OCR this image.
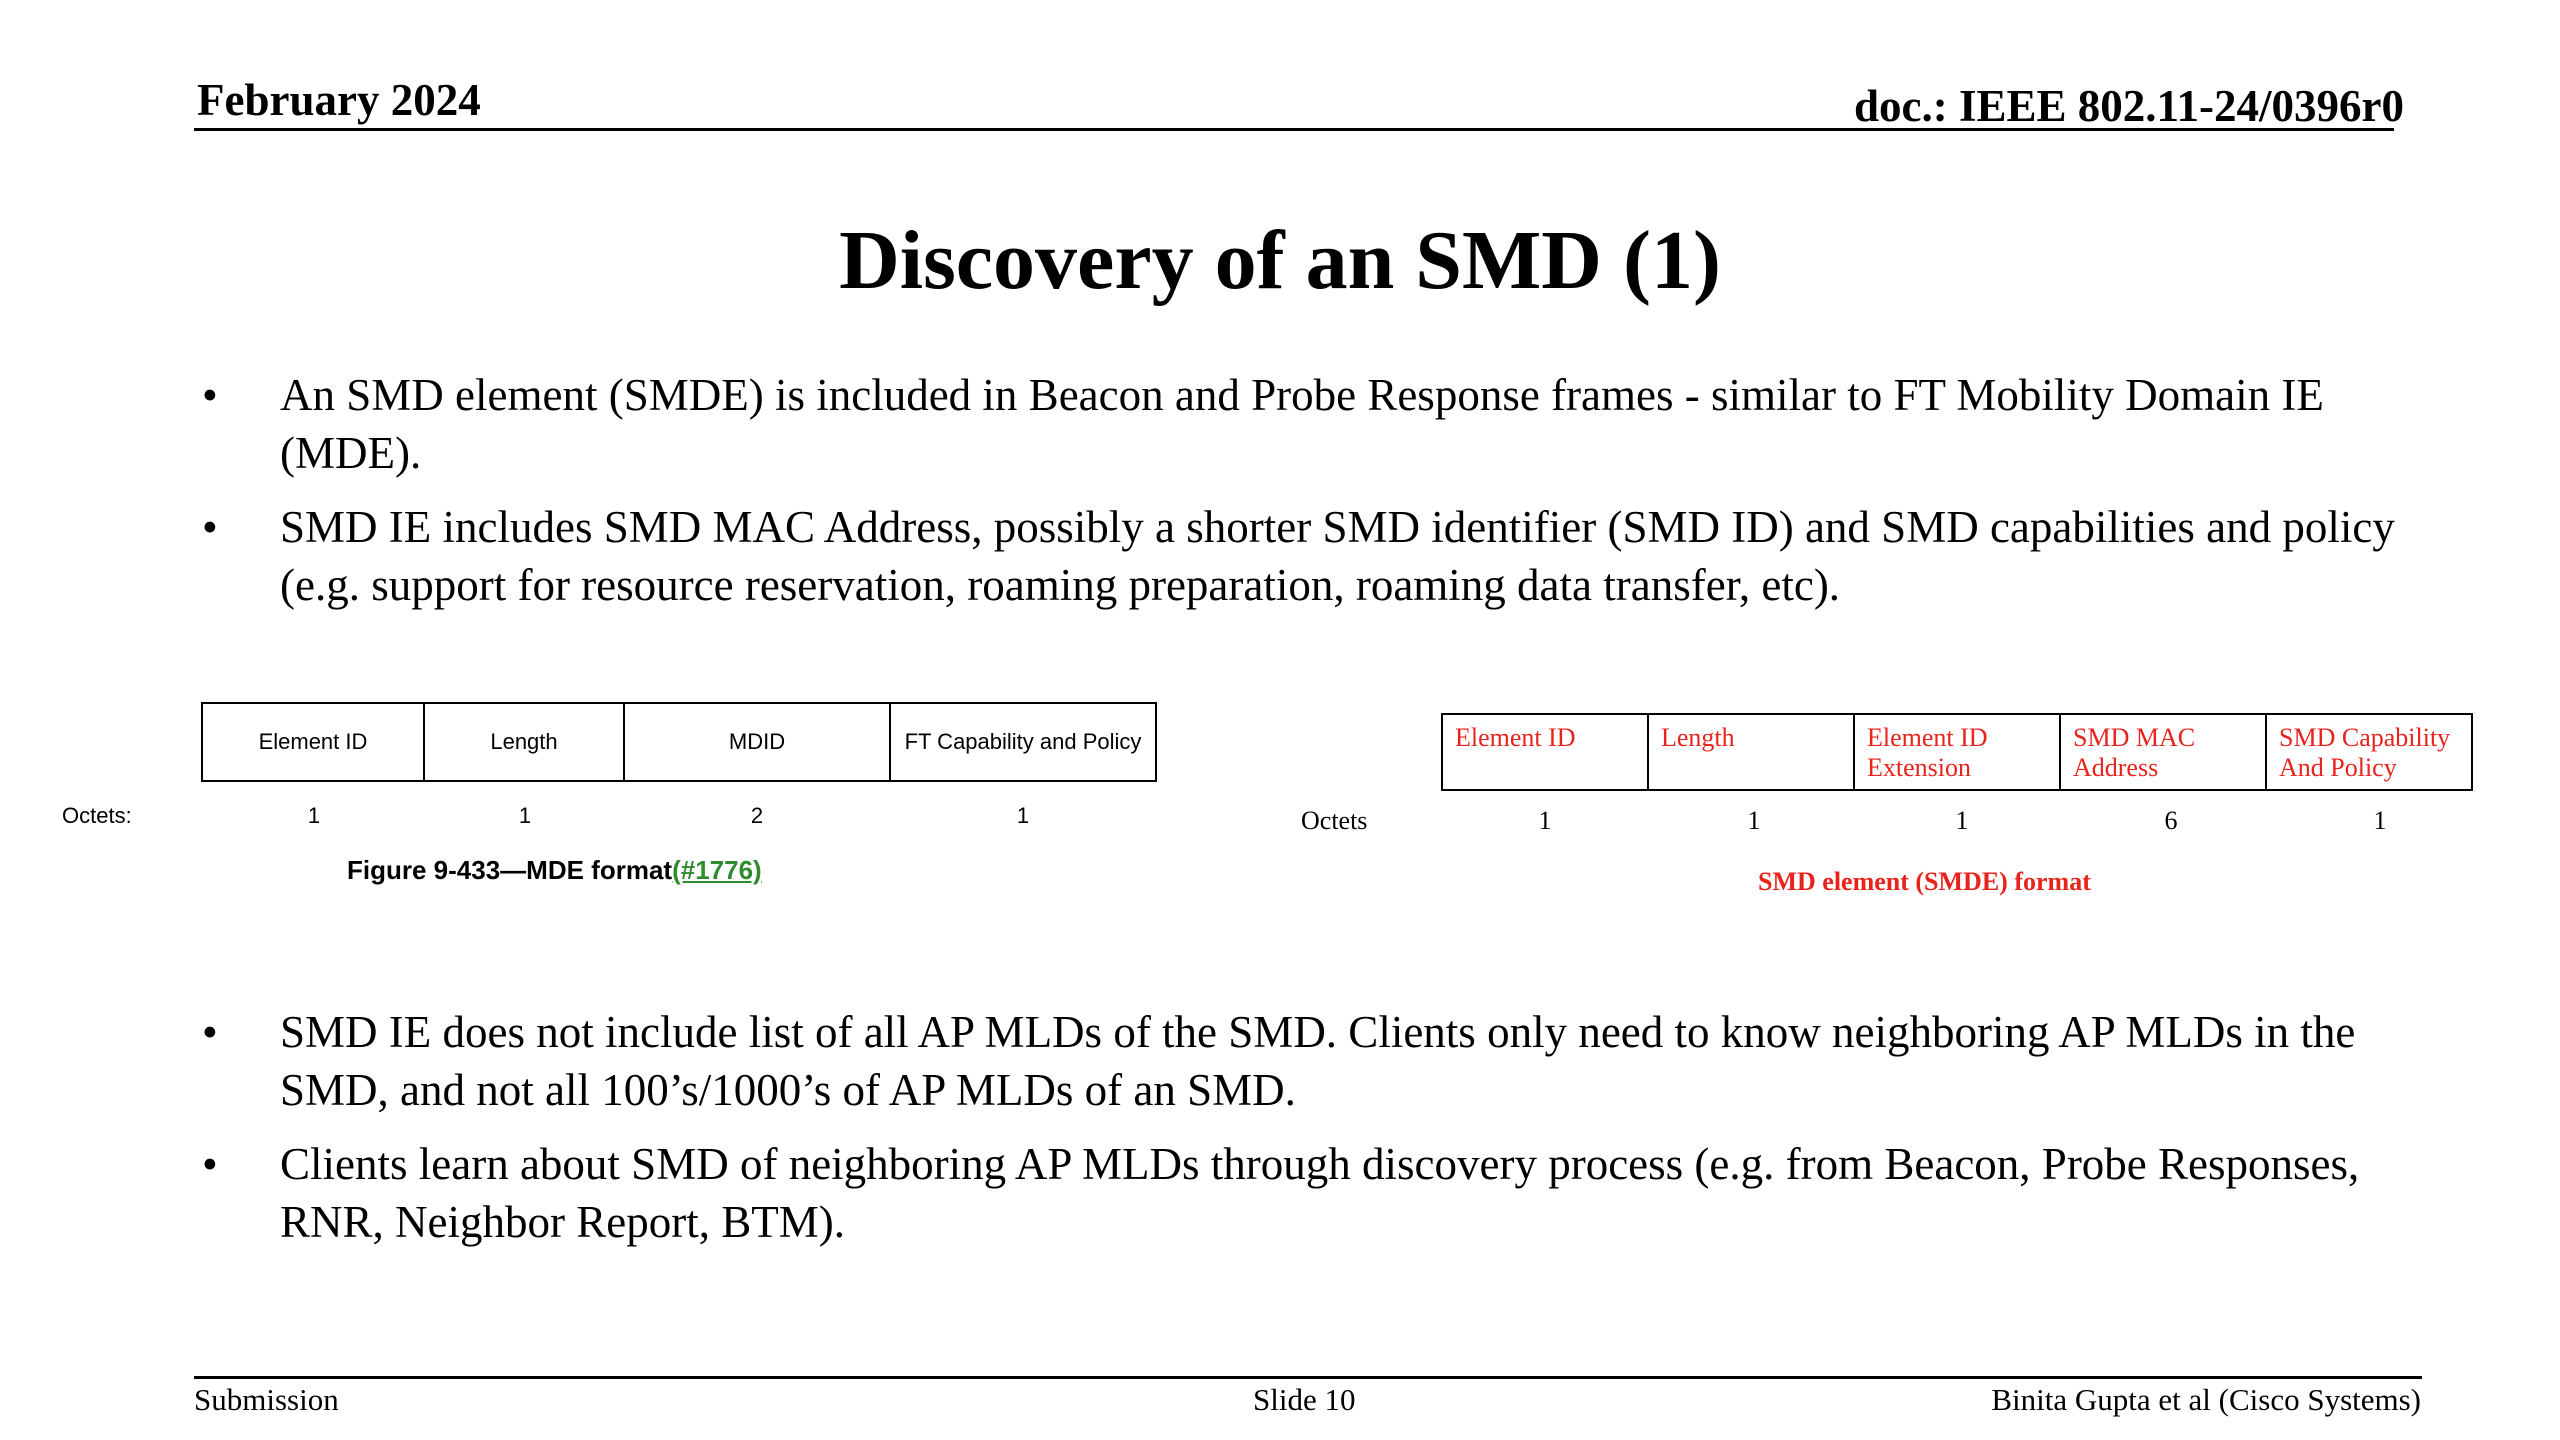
February 2024	doc.: IEEE 802.11-24/0396r0
Discovery of an SMD (1)
• An SMD element (SMDE) is included in Beacon and Probe Response frames - similar to FT Mobility Domain IE (MDE).
• SMD IE includes SMD MAC Address, possibly a shorter SMD identifier (SMD ID) and SMD capabilities and policy (e.g. support for resource reservation, roaming preparation, roaming data transfer, etc).
Element ID	Length	MDID	FT Capability and Policy
Octets:	1	1	2	1
Figure 9-433—MDE format(#1776)
Element ID	Length	Element ID Extension	SMD MAC Address	SMD Capability And Policy
Octets	1	1	1	6	1
SMD element (SMDE) format
• SMD IE does not include list of all AP MLDs of the SMD. Clients only need to know neighboring AP MLDs in the SMD, and not all 100’s/1000’s of AP MLDs of an SMD.
• Clients learn about SMD of neighboring AP MLDs through discovery process (e.g. from Beacon, Probe Responses, RNR, Neighbor Report, BTM).
Submission	Slide 10	Binita Gupta et al (Cisco Systems)
